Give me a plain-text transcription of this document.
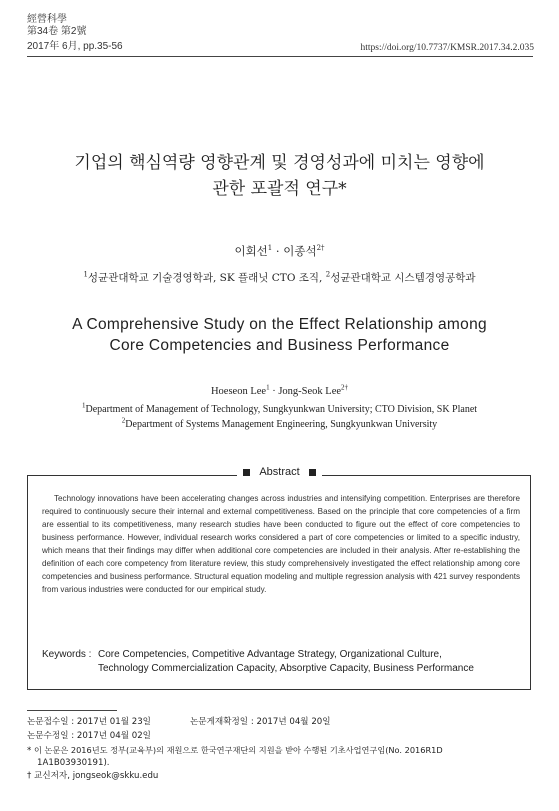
經營科學
第34卷 第2號
2017年 6月, pp.35-56	https://doi.org/10.7737/KMSR.2017.34.2.035
기업의 핵심역량 영향관계 및 경영성과에 미치는 영향에
관한 포괄적 연구*
이회선$^1$ · 이종석$^{2\dagger}$
$^1$성균관대학교 기술경영학과, SK 플래닛 CTO 조직, $^2$성균관대학교 시스템경영공학과
A Comprehensive Study on the Effect Relationship among
Core Competencies and Business Performance
Hoeseon Lee$^1$ · Jong-Seok Lee$^{2\dagger}$
$^1$Department of Management of Technology, Sungkyunkwan University; CTO Division, SK Planet
$^2$Department of Systems Management Engineering, Sungkyunkwan University
Abstract
Technology innovations have been accelerating changes across industries and intensifying competition. Enterprises are therefore required to continuously secure their internal and external competitiveness. Based on the principle that core competencies of a firm are essential to its competitiveness, many research studies have been conducted to figure out the effect of core competencies to business performance. However, individual research works considered a part of core competencies or limited to a specific industry, which means that their findings may differ when additional core competencies are included in their analysis. After re-establishing the definition of each core competency from literature review, this study comprehensively investigated the effect relationship among core competencies and business performance. Structural equation modeling and multiple regression analysis with 421 survey respondents from various industries were conducted for our empirical study.
Keywords : Core Competencies, Competitive Advantage Strategy, Organizational Culture,
Technology Commercialization Capacity, Absorptive Capacity, Business Performance
논문접수일 : 2017년 01월 23일	논문게재확정일 : 2017년 04월 20일
논문수정일 : 2017년 04월 02일
* 이 논문은 2016년도 정부(교육부)의 재원으로 한국연구재단의 지원을 받아 수행된 기초사업연구임(No. 2016R1D
1A1B03930191).
† 교신저자, jongseok@skku.edu
